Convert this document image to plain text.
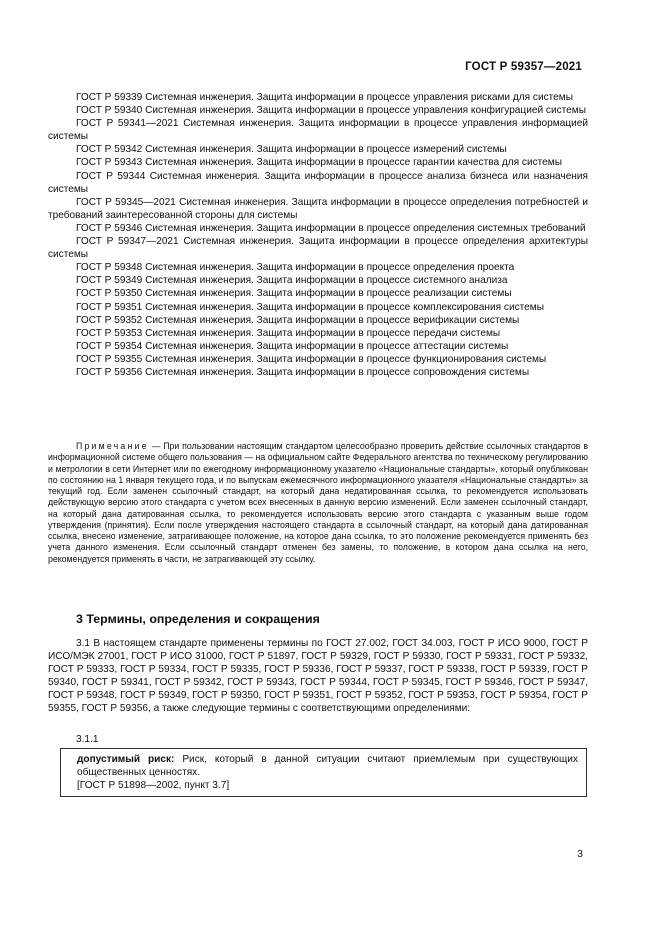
ГОСТ Р 59357—2021

ГОСТ Р 59339 Системная инженерия. Защита информации в процессе управления рисками для системы

ГОСТ Р 59340 Системная инженерия. Защита информации в процессе управления конфигурацией системы

ГОСТ Р 59341—2021 Системная инженерия. Защита информации в процессе управления информацией системы

ГОСТ Р 59342 Системная инженерия. Защита информации в процессе измерений системы

ГОСТ Р 59343 Системная инженерия. Защита информации в процессе гарантии качества для системы

ГОСТ Р 59344 Системная инженерия. Защита информации в процессе анализа бизнеса или назначения системы

ГОСТ Р 59345—2021 Системная инженерия. Защита информации в процессе определения потребностей и требований заинтересованной стороны для системы

ГОСТ Р 59346 Системная инженерия. Защита информации в процессе определения системных требований

ГОСТ Р 59347—2021 Системная инженерия. Защита информации в процессе определения архитектуры системы

ГОСТ Р 59348 Системная инженерия. Защита информации в процессе определения проекта

ГОСТ Р 59349 Системная инженерия. Защита информации в процессе системного анализа

ГОСТ Р 59350 Системная инженерия. Защита информации в процессе реализации системы

ГОСТ Р 59351 Системная инженерия. Защита информации в процессе комплексирования системы

ГОСТ Р 59352 Системная инженерия. Защита информации в процессе верификации системы

ГОСТ Р 59353 Системная инженерия. Защита информации в процессе передачи системы

ГОСТ Р 59354 Системная инженерия. Защита информации в процессе аттестации системы

ГОСТ Р 59355 Системная инженерия. Защита информации в процессе функционирования системы

ГОСТ Р 59356 Системная инженерия. Защита информации в процессе сопровождения системы

Примечание — При пользовании настоящим стандартом целесообразно проверить действие ссылочных стандартов в информационной системе общего пользования — на официальном сайте Федерального агентства по техническому регулированию и метрологии в сети Интернет или по ежегодному информационному указателю «Национальные стандарты», который опубликован по состоянию на 1 января текущего года, и по выпускам ежемесячного информационного указателя «Национальные стандарты» за текущий год. Если заменен ссылочный стандарт, на который дана недатированная ссылка, то рекомендуется использовать действующую версию этого стандарта с учетом всех внесенных в данную версию изменений. Если заменен ссылочный стандарт, на который дана датированная ссылка, то рекомендуется использовать версию этого стандарта с указанным выше годом утверждения (принятия). Если после утверждения настоящего стандарта в ссылочный стандарт, на который дана датированная ссылка, внесено изменение, затрагивающее положение, на которое дана ссылка, то это положение рекомендуется применять без учета данного изменения. Если ссылочный стандарт отменен без замены, то положение, в котором дана ссылка на него, рекомендуется применять в части, не затрагивающей эту ссылку.

3 Термины, определения и сокращения

3.1 В настоящем стандарте применены термины по ГОСТ 27.002, ГОСТ 34.003, ГОСТ Р ИСО 9000, ГОСТ Р ИСО/МЭК 27001, ГОСТ Р ИСО 31000, ГОСТ Р 51897, ГОСТ Р 59329, ГОСТ Р 59330, ГОСТ Р 59331, ГОСТ Р 59332, ГОСТ Р 59333, ГОСТ Р 59334, ГОСТ Р 59335, ГОСТ Р 59336, ГОСТ Р 59337, ГОСТ Р 59338, ГОСТ Р 59339, ГОСТ Р 59340, ГОСТ Р 59341, ГОСТ Р 59342, ГОСТ Р 59343, ГОСТ Р 59344, ГОСТ Р 59345, ГОСТ Р 59346, ГОСТ Р 59347, ГОСТ Р 59348, ГОСТ Р 59349, ГОСТ Р 59350, ГОСТ Р 59351, ГОСТ Р 59352, ГОСТ Р 59353, ГОСТ Р 59354, ГОСТ Р 59355, ГОСТ Р 59356, а также следующие термины с соответствующими определениями:

3.1.1

допустимый риск: Риск, который в данной ситуации считают приемлемым при существующих общественных ценностях.

[ГОСТ Р 51898—2002, пункт 3.7]

3
